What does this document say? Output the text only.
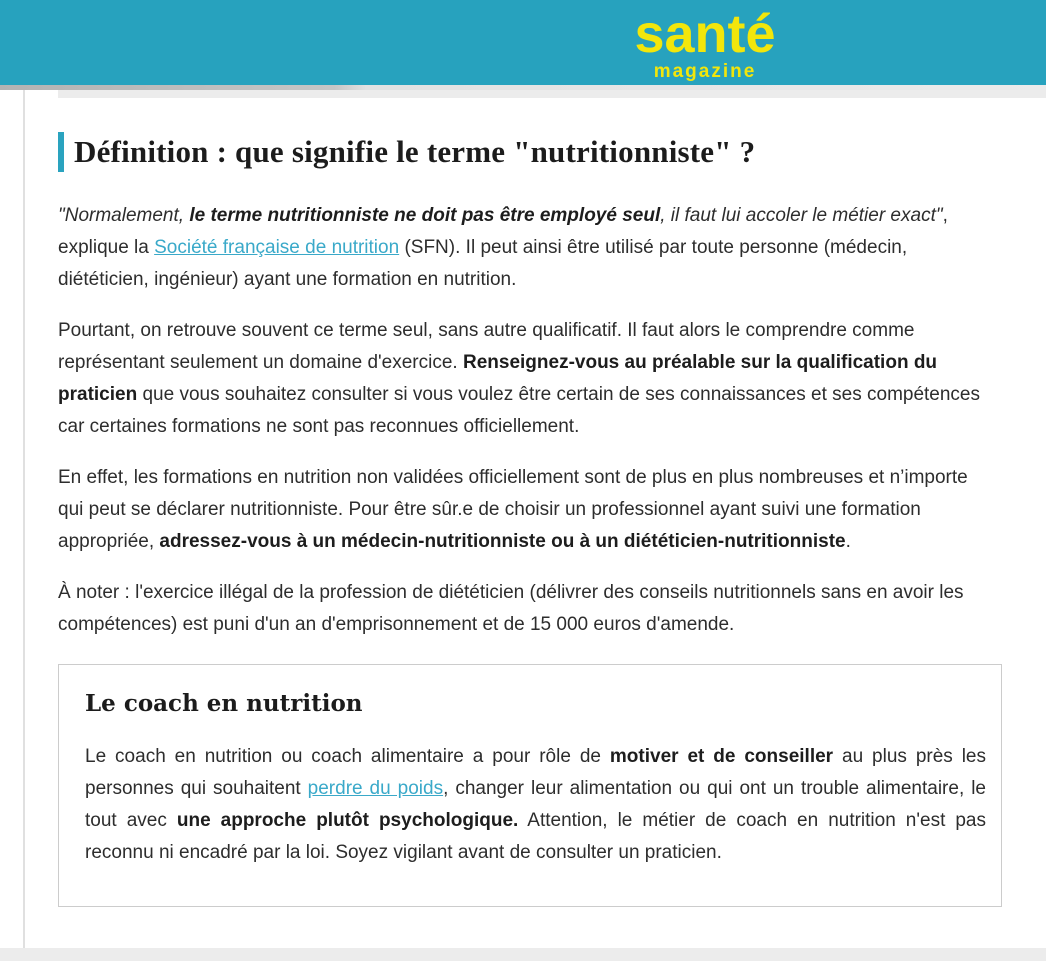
santé
magazine
Définition : que signifie le terme "nutritionniste" ?

"Normalement, le terme nutritionniste ne doit pas être employé seul, il faut lui accoler le métier exact", explique la Société française de nutrition (SFN). Il peut ainsi être utilisé par toute personne (médecin, diététicien, ingénieur) ayant une formation en nutrition.

Pourtant, on retrouve souvent ce terme seul, sans autre qualificatif. Il faut alors le comprendre comme représentant seulement un domaine d'exercice. Renseignez-vous au préalable sur la qualification du praticien que vous souhaitez consulter si vous voulez être certain de ses connaissances et ses compétences car certaines formations ne sont pas reconnues officiellement.

En effet, les formations en nutrition non validées officiellement sont de plus en plus nombreuses et n’importe qui peut se déclarer nutritionniste. Pour être sûr.e de choisir un professionnel ayant suivi une formation appropriée, adressez-vous à un médecin-nutritionniste ou à un diététicien-nutritionniste.

À noter : l'exercice illégal de la profession de diététicien (délivrer des conseils nutritionnels sans en avoir les compétences) est puni d'un an d'emprisonnement et de 15 000 euros d'amende.

Le coach en nutrition

Le coach en nutrition ou coach alimentaire a pour rôle de motiver et de conseiller au plus près les personnes qui souhaitent perdre du poids, changer leur alimentation ou qui ont un trouble alimentaire, le tout avec une approche plutôt psychologique. Attention, le métier de coach en nutrition n'est pas reconnu ni encadré par la loi. Soyez vigilant avant de consulter un praticien.
